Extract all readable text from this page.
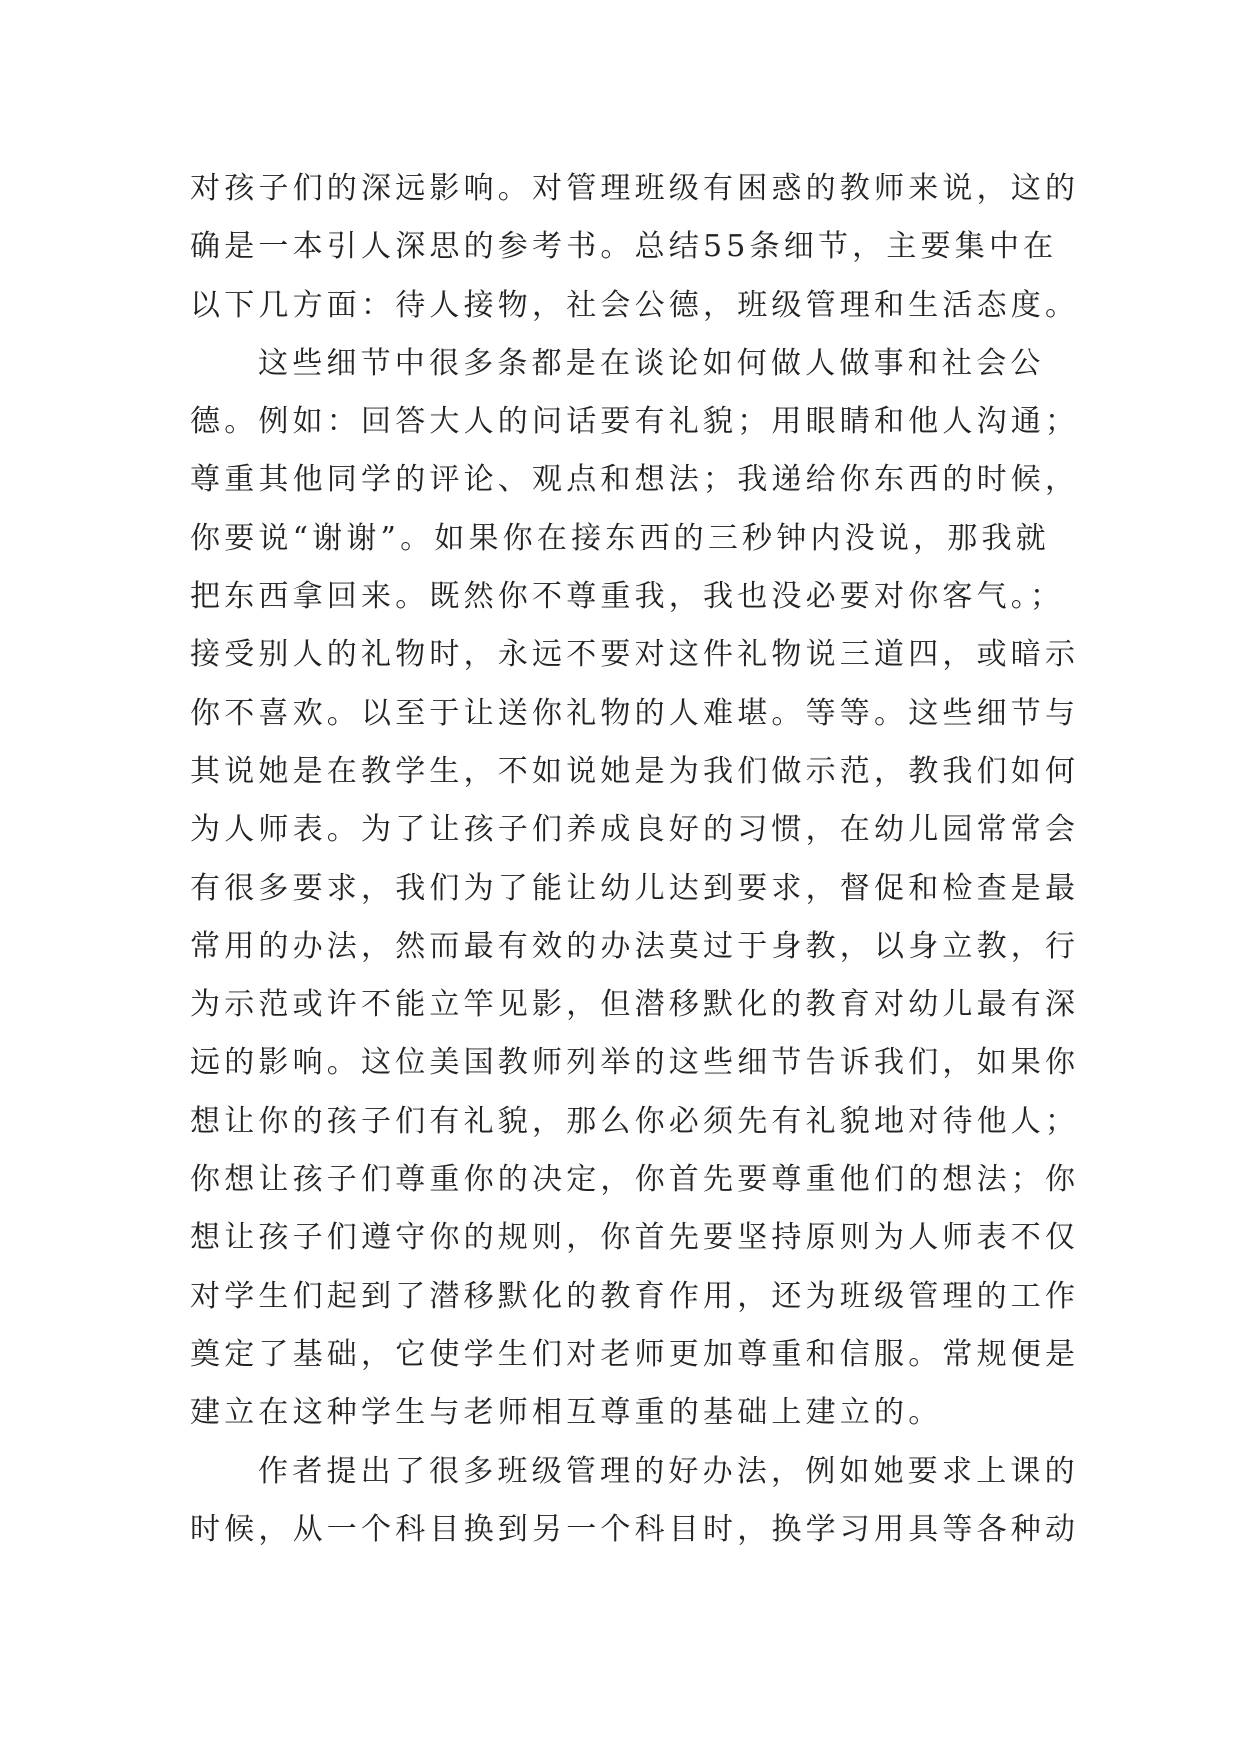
对孩子们的深远影响。对管理班级有困惑的教师来说，这的
确是一本引人深思的参考书。总结55条细节，主要集中在
以下几方面：待人接物，社会公德，班级管理和生活态度。
这些细节中很多条都是在谈论如何做人做事和社会公
德。例如：回答大人的问话要有礼貌；用眼睛和他人沟通；
尊重其他同学的评论、观点和想法；我递给你东西的时候，
你要说“谢谢”。如果你在接东西的三秒钟内没说，那我就
把东西拿回来。既然你不尊重我，我也没必要对你客气。；
接受别人的礼物时，永远不要对这件礼物说三道四，或暗示
你不喜欢。以至于让送你礼物的人难堪。等等。这些细节与
其说她是在教学生，不如说她是为我们做示范，教我们如何
为人师表。为了让孩子们养成良好的习惯，在幼儿园常常会
有很多要求，我们为了能让幼儿达到要求，督促和检查是最
常用的办法，然而最有效的办法莫过于身教，以身立教，行
为示范或许不能立竿见影，但潜移默化的教育对幼儿最有深
远的影响。这位美国教师列举的这些细节告诉我们，如果你
想让你的孩子们有礼貌，那么你必须先有礼貌地对待他人；
你想让孩子们尊重你的决定，你首先要尊重他们的想法；你
想让孩子们遵守你的规则，你首先要坚持原则为人师表不仅
对学生们起到了潜移默化的教育作用，还为班级管理的工作
奠定了基础，它使学生们对老师更加尊重和信服。常规便是
建立在这种学生与老师相互尊重的基础上建立的。
作者提出了很多班级管理的好办法，例如她要求上课的
时候，从一个科目换到另一个科目时，换学习用具等各种动
